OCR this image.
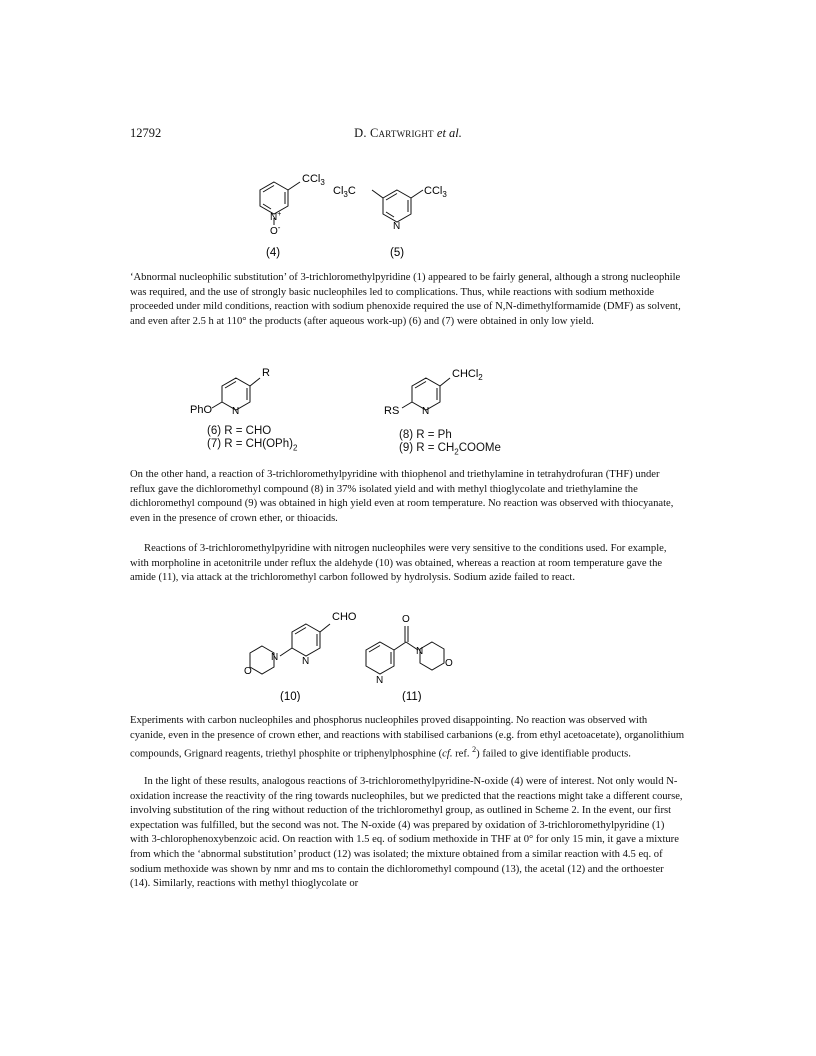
12792	D. Cartwright et al.
CCl$_3$
N+
O-
$Cl_3C$	CCl$_3$
N
(4)	(5)
‘Abnormal nucleophilic substitution’ of 3-trichloromethylpyridine (1) appeared to be fairly general, although a strong nucleophile was required, and the use of strongly basic nucleophiles led to complications. Thus, while reactions with sodium methoxide proceeded under mild conditions, reaction with sodium phenoxide required the use of N,N-dimethylformamide (DMF) as solvent, and even after 2.5 h at 110° the products (after aqueous work-up) (6) and (7) were obtained in only low yield.
R
PhO N
CHCl$_2$
RS N
(6) R = CHO
(7) $R = CH(OPh)_2$
(8) R = Ph
(9) $R = CH_2COOMe$
On the other hand, a reaction of 3-trichloromethylpyridine with thiophenol and triethylamine in tetrahydrofuran (THF) under reflux gave the dichloromethyl compound (8) in 37% isolated yield and with methyl thioglycolate and triethylamine the dichloromethyl compound (9) was obtained in high yield even at room temperature. No reaction was observed with thiocyanate, even in the presence of crown ether, or thioacids.
Reactions of 3-trichloromethylpyridine with nitrogen nucleophiles were very sensitive to the conditions used. For example, with morpholine in acetonitrile under reflux the aldehyde (10) was obtained, whereas a reaction at room temperature gave the amide (11), via attack at the trichloromethyl carbon followed by hydrolysis. Sodium azide failed to react.
CHO
N
N
O
O
N
O
N
(10)	(11)
Experiments with carbon nucleophiles and phosphorus nucleophiles proved disappointing. No reaction was observed with cyanide, even in the presence of crown ether, and reactions with stabilised carbanions (e.g. from ethyl acetoacetate), organolithium compounds, Grignard reagents, triethyl phosphite or triphenylphosphine (cf. ref. $^2$) failed to give identifiable products.
In the light of these results, analogous reactions of 3-trichloromethylpyridine-N-oxide (4) were of interest. Not only would N-oxidation increase the reactivity of the ring towards nucleophiles, but we predicted that the reactions might take a different course, involving substitution of the ring without reduction of the trichloromethyl group, as outlined in Scheme 2. In the event, our first expectation was fulfilled, but the second was not. The N-oxide (4) was prepared by oxidation of 3-trichloromethylpyridine (1) with 3-chlorophenoxybenzoic acid. On reaction with 1.5 eq. of sodium methoxide in THF at 0° for only 15 min, it gave a mixture from which the ‘abnormal substitution’ product (12) was isolated; the mixture obtained from a similar reaction with 4.5 eq. of sodium methoxide was shown by nmr and ms to contain the dichloromethyl compound (13), the acetal (12) and the orthoester (14). Similarly, reactions with methyl thioglycolate or
